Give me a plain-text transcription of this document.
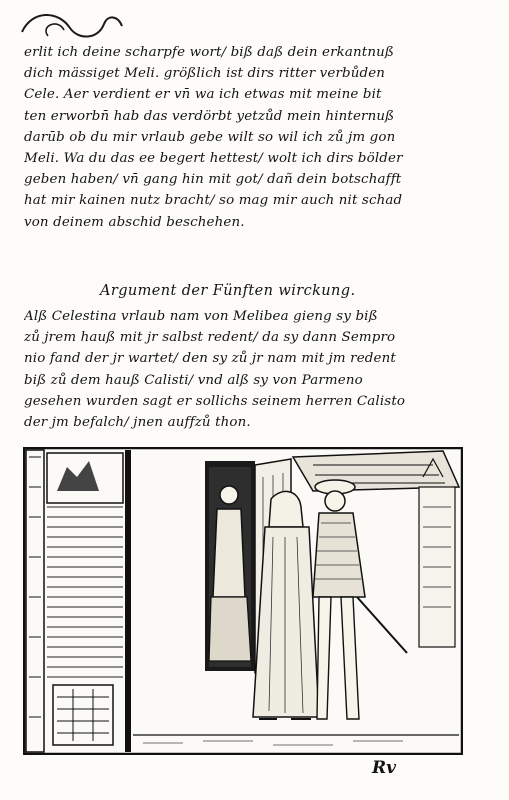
erlit ich deine scharpfe wort/ biß daß dein erkantnuß
dich mässiget Meli. größlich ist dirs ritter verbůden
Cele. Aer verdient er vn̄ wa ich etwas mit meine bit
ten erworbn̄ hab das verdörbt yetzůd mein hinternuß
darūb ob du mir vrlaub gebe wilt so wil ich zů jm gon
Meli. Wa du das ee begert hettest/ wolt ich dirs bölder
geben haben/ vn̄ gang hin mit got/ dañ dein botschafft
hat mir kainen nutz bracht/ so mag mir auch nit schad
von deinem abschid beschehen.
Argument der Fünften wirckung.
Alß Celestina vrlaub nam von Melibea gieng sy biß
zů jrem hauß mit jr salbst redent/ da sy dann Sempro
nio fand der jr wartet/ den sy zů jr nam mit jm redent
biß zů dem hauß Calisti/ vnd alß sy von Parmeno
gesehen wurden sagt er sollichs seinem herren Calisto
der jm befalch/ jnen auffzů thon.
Rv
